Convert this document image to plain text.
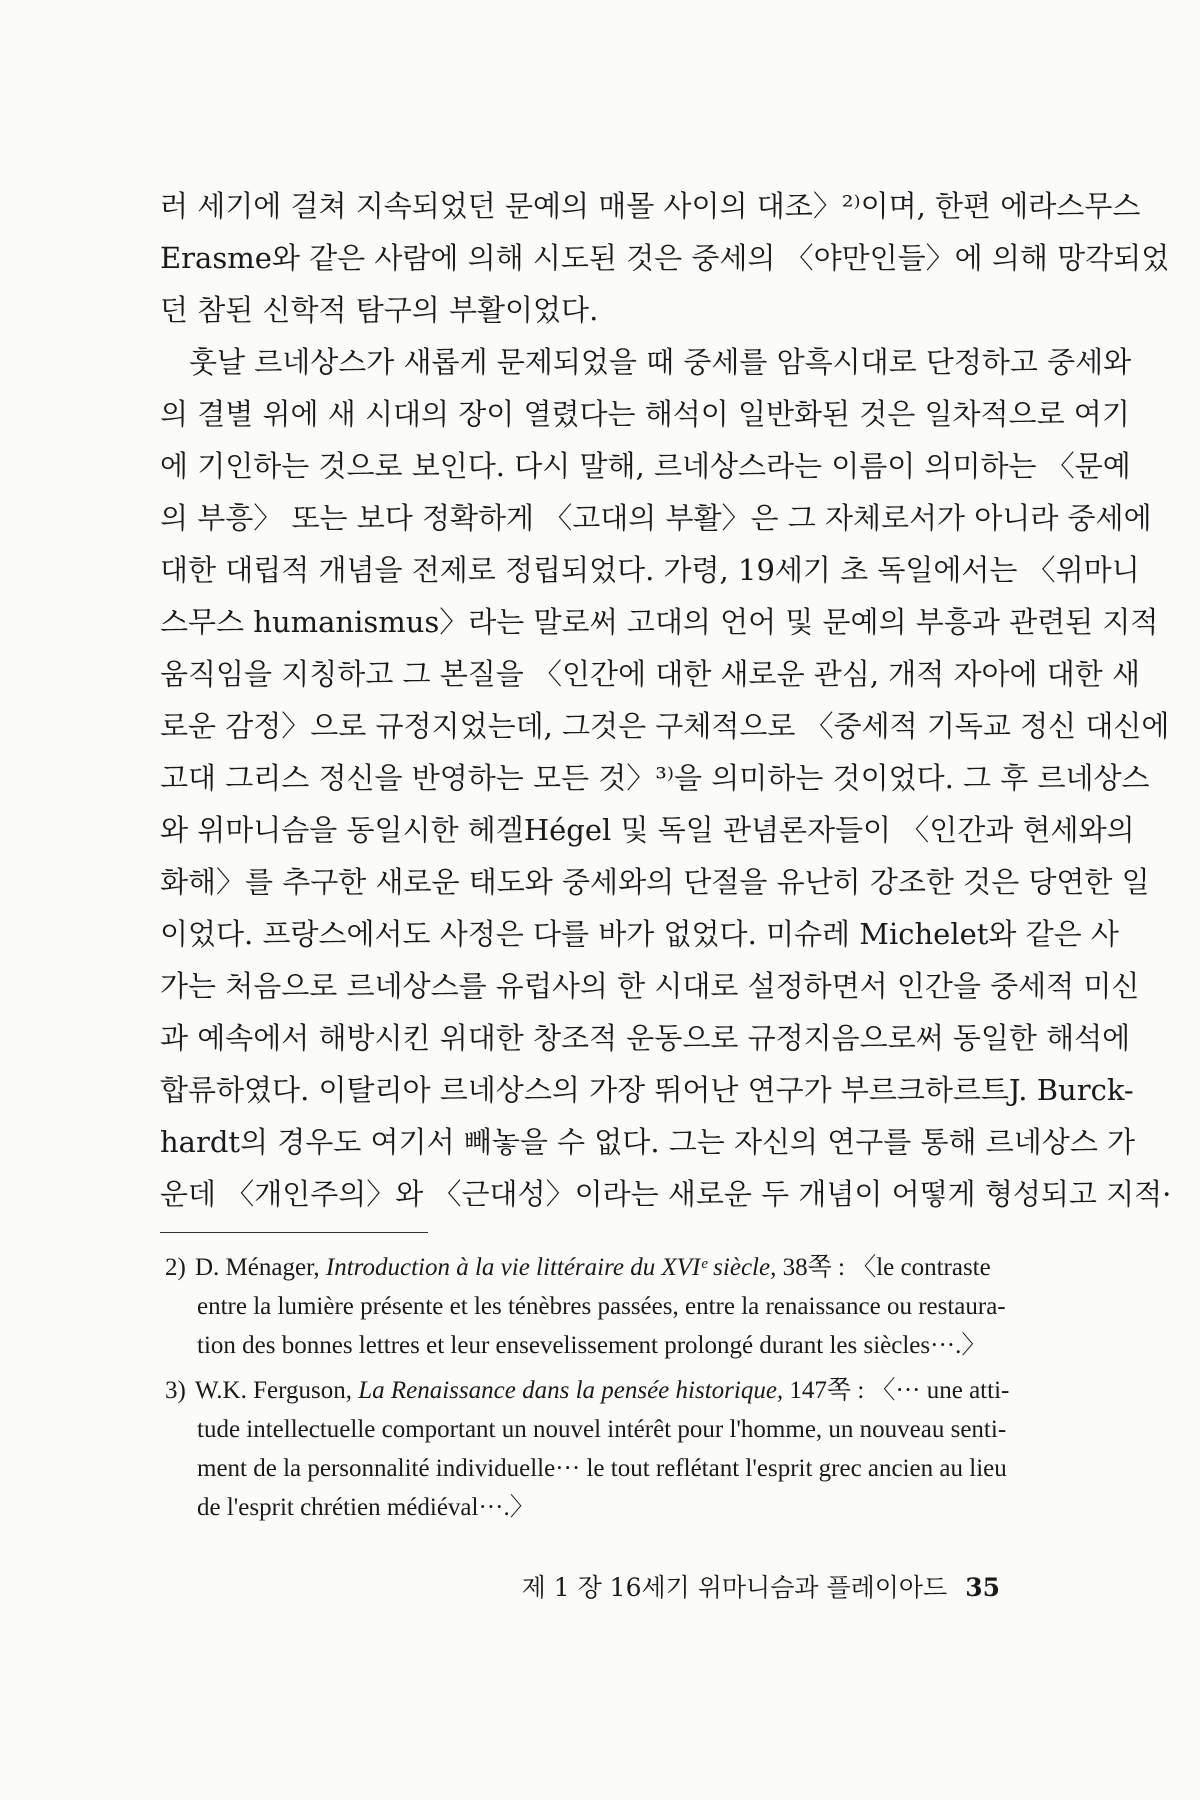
러 세기에 걸쳐 지속되었던 문예의 매몰 사이의 대조〉²⁾이며, 한편 에라스무스
Erasme와 같은 사람에 의해 시도된 것은 중세의 〈야만인들〉에 의해 망각되었
던 참된 신학적 탐구의 부활이었다.
　훗날 르네상스가 새롭게 문제되었을 때 중세를 암흑시대로 단정하고 중세와
의 결별 위에 새 시대의 장이 열렸다는 해석이 일반화된 것은 일차적으로 여기
에 기인하는 것으로 보인다. 다시 말해, 르네상스라는 이름이 의미하는 〈문예
의 부흥〉 또는 보다 정확하게 〈고대의 부활〉은 그 자체로서가 아니라 중세에
대한 대립적 개념을 전제로 정립되었다. 가령, 19세기 초 독일에서는 〈위마니
스무스 humanismus〉라는 말로써 고대의 언어 및 문예의 부흥과 관련된 지적
움직임을 지칭하고 그 본질을 〈인간에 대한 새로운 관심, 개적 자아에 대한 새
로운 감정〉으로 규정지었는데, 그것은 구체적으로 〈중세적 기독교 정신 대신에
고대 그리스 정신을 반영하는 모든 것〉³⁾을 의미하는 것이었다. 그 후 르네상스
와 위마니슴을 동일시한 헤겔Hégel 및 독일 관념론자들이 〈인간과 현세와의
화해〉를 추구한 새로운 태도와 중세와의 단절을 유난히 강조한 것은 당연한 일
이었다. 프랑스에서도 사정은 다를 바가 없었다. 미슈레 Michelet와 같은 사
가는 처음으로 르네상스를 유럽사의 한 시대로 설정하면서 인간을 중세적 미신
과 예속에서 해방시킨 위대한 창조적 운동으로 규정지음으로써 동일한 해석에
합류하였다. 이탈리아 르네상스의 가장 뛰어난 연구가 부르크하르트J. Burck-
hardt의 경우도 여기서 빼놓을 수 없다. 그는 자신의 연구를 통해 르네상스 가
운데 〈개인주의〉와 〈근대성〉이라는 새로운 두 개념이 어떻게 형성되고 지적·
2) D. Ménager, Introduction à la vie littéraire du XVIᵉ siècle, 38쪽 : 〈le contraste
entre la lumière présente et les ténèbres passées, entre la renaissance ou restaura-
tion des bonnes lettres et leur ensevelissement prolongé durant les siècles···.〉
3) W.K. Ferguson, La Renaissance dans la pensée historique, 147쪽 : 〈··· une atti-
tude intellectuelle comportant un nouvel intérêt pour l'homme, un nouveau senti-
ment de la personnalité individuelle··· le tout reflétant l'esprit grec ancien au lieu
de l'esprit chrétien médiéval···.〉
제 1 장 16세기 위마니슴과 플레이아드 35
